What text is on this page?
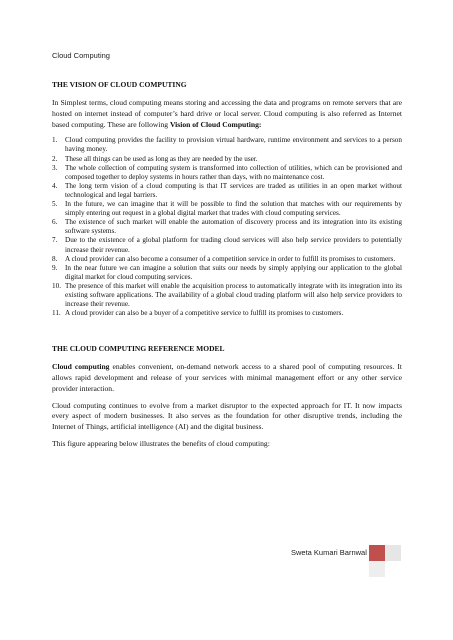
Cloud Computing

THE VISION OF CLOUD COMPUTING

In Simplest terms, cloud computing means storing and accessing the data and programs on remote servers that are hosted on internet instead of computer’s hard drive or local server. Cloud computing is also referred as Internet based computing. These are following Vision of Cloud Computing:

1. Cloud computing provides the facility to provision virtual hardware, runtime environment and services to a person having money.
2. These all things can be used as long as they are needed by the user.
3. The whole collection of computing system is transformed into collection of utilities, which can be provisioned and composed together to deploy systems in hours rather than days, with no maintenance cost.
4. The long term vision of a cloud computing is that IT services are traded as utilities in an open market without technological and legal barriers.
5. In the future, we can imagine that it will be possible to find the solution that matches with our requirements by simply entering out request in a global digital market that trades with cloud computing services.
6. The existence of such market will enable the automation of discovery process and its integration into its existing software systems.
7. Due to the existence of a global platform for trading cloud services will also help service providers to potentially increase their revenue.
8. A cloud provider can also become a consumer of a competition service in order to fulfill its promises to customers.
9. In the near future we can imagine a solution that suits our needs by simply applying our application to the global digital market for cloud computing services.
10. The presence of this market will enable the acquisition process to automatically integrate with its integration into its existing software applications. The availability of a global cloud trading platform will also help service providers to increase their revenue.
11. A cloud provider can also be a buyer of a competitive service to fulfill its promises to customers.

THE CLOUD COMPUTING REFERENCE MODEL

Cloud computing enables convenient, on-demand network access to a shared pool of computing resources. It allows rapid development and release of your services with minimal management effort or any other service provider interaction.

Cloud computing continues to evolve from a market disruptor to the expected approach for IT. It now impacts every aspect of modern businesses. It also serves as the foundation for other disruptive trends, including the Internet of Things, artificial intelligence (AI) and the digital business.

This figure appearing below illustrates the benefits of cloud computing:

Sweta Kumari Barnwal
